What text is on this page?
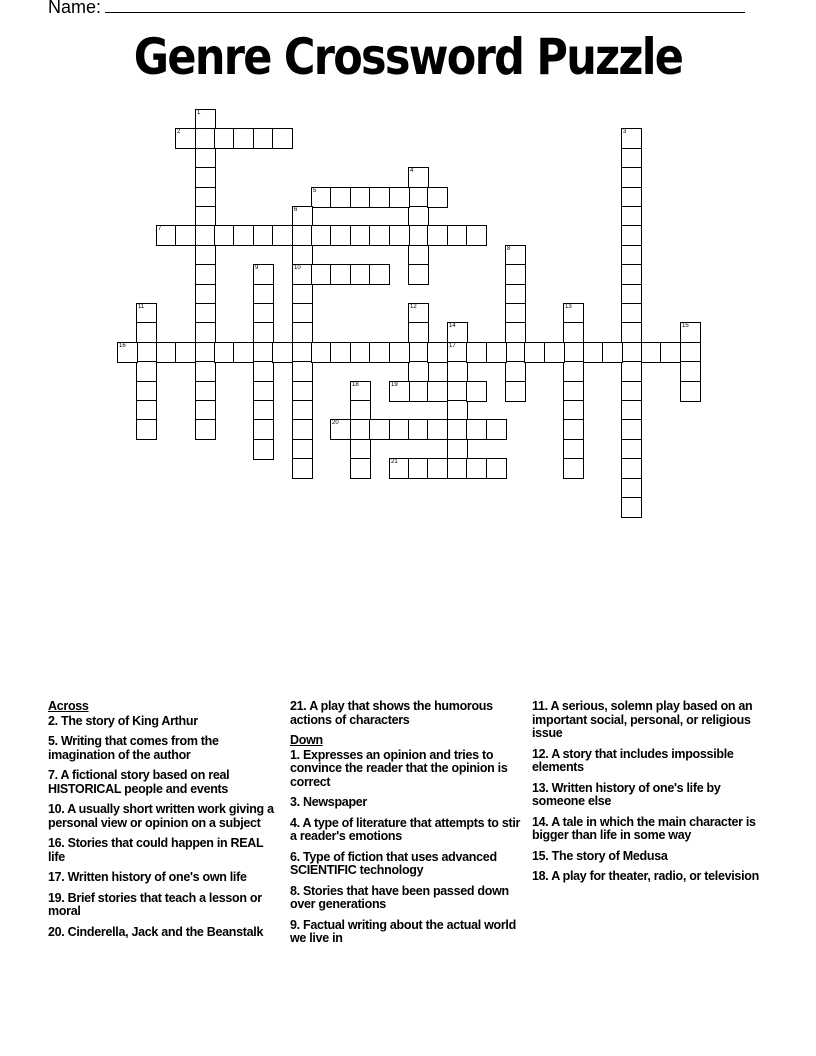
Name:
Genre Crossword Puzzle
1
2	3
4
5
6
10
7
8
9
11	12	13
14
17
15
16
18	19
20
21
Across
2. The story of King Arthur
5. Writing that comes from the imagination of the author
7. A fictional story based on real HISTORICAL people and events
10. A usually short written work giving a personal view or opinion on a subject
16. Stories that could happen in REAL life
17. Written history of one's own life
19. Brief stories that teach a lesson or moral
20. Cinderella, Jack and the Beanstalk
21. A play that shows the humorous actions of characters
Down
1. Expresses an opinion and tries to convince the reader that the opinion is correct
3. Newspaper
4. A type of literature that attempts to stir a reader's emotions
6. Type of fiction that uses advanced SCIENTIFIC technology
8. Stories that have been passed down over generations
9. Factual writing about the actual world we live in
11. A serious, solemn play based on an important social, personal, or religious issue
12. A story that includes impossible elements
13. Written history of one's life by someone else
14. A tale in which the main character is bigger than life in some way
15. The story of Medusa
18. A play for theater, radio, or television
